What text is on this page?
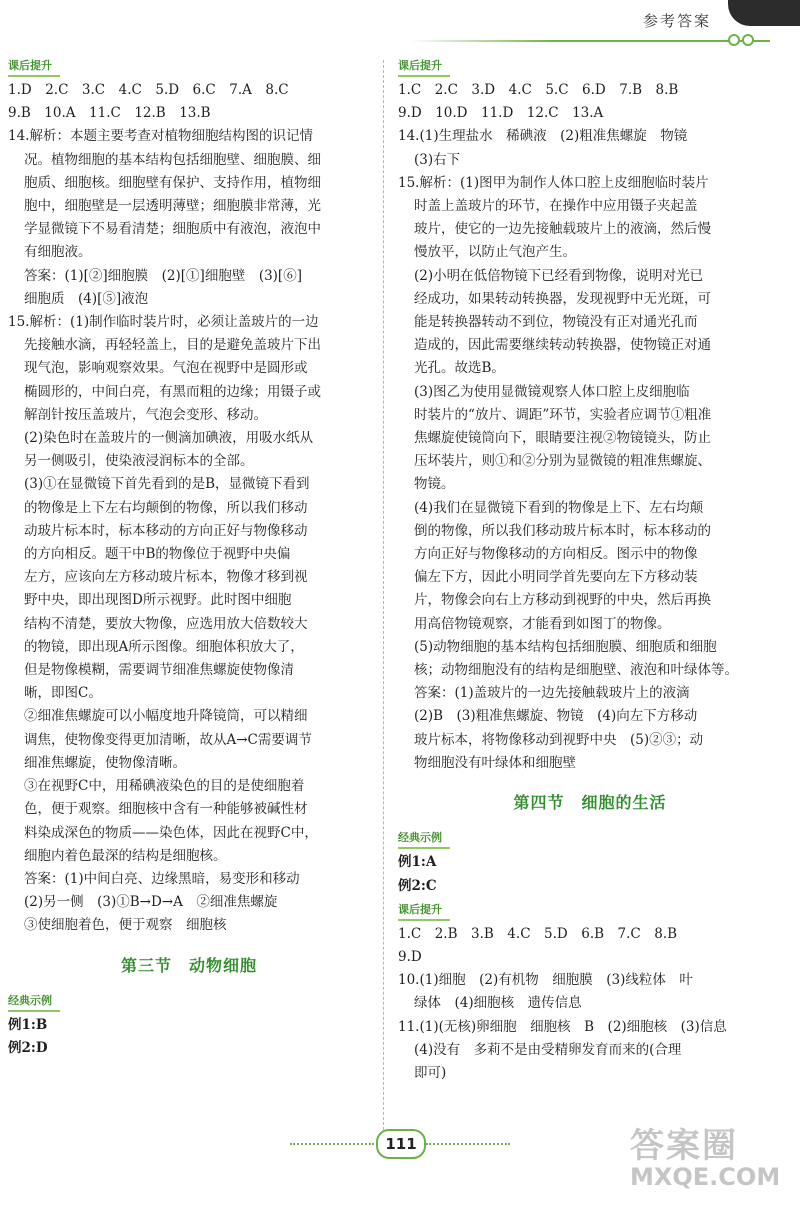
参考答案
课后提升

1.D　2.C　3.C　4.C　5.D　6.C　7.A　8.C

9.B　10.A　11.C　12.B　13.B

14.解析：本题主要考查对植物细胞结构图的识记情

况。植物细胞的基本结构包括细胞壁、细胞膜、细

胞质、细胞核。细胞壁有保护、支持作用，植物细

胞中，细胞壁是一层透明薄壁；细胞膜非常薄，光

学显微镜下不易看清楚；细胞质中有液泡，液泡中

有细胞液。

答案：(1)[②]细胞膜　(2)[①]细胞壁　(3)[⑥]

细胞质　(4)[⑤]液泡

15.解析：(1)制作临时装片时，必须让盖玻片的一边

先接触水滴，再轻轻盖上，目的是避免盖玻片下出

现气泡，影响观察效果。气泡在视野中是圆形或

椭圆形的，中间白亮，有黑而粗的边缘；用镊子或

解剖针按压盖玻片，气泡会变形、移动。

(2)染色时在盖玻片的一侧滴加碘液，用吸水纸从

另一侧吸引，使染液浸润标本的全部。

(3)①在显微镜下首先看到的是B，显微镜下看到

的物像是上下左右均颠倒的物像，所以我们移动

动玻片标本时，标本移动的方向正好与物像移动

的方向相反。题干中B的物像位于视野中央偏

左方，应该向左方移动玻片标本，物像才移到视

野中央，即出现图D所示视野。此时图中细胞

结构不清楚，要放大物像，应选用放大倍数较大

的物镜，即出现A所示图像。细胞体积放大了，

但是物像模糊，需要调节细准焦螺旋使物像清

晰，即图C。

②细准焦螺旋可以小幅度地升降镜筒，可以精细

调焦，使物像变得更加清晰，故从A→C需要调节

细准焦螺旋，使物像清晰。

③在视野C中，用稀碘液染色的目的是使细胞着

色，便于观察。细胞核中含有一种能够被碱性材

料染成深色的物质——染色体，因此在视野C中，

细胞内着色最深的结构是细胞核。

答案：(1)中间白亮、边缘黑暗，易变形和移动

(2)另一侧　(3)①B→D→A　②细准焦螺旋

③使细胞着色，便于观察　细胞核

第三节　动物细胞
经典示例

例1:B

例2:D

课后提升

1.C　2.C　3.D　4.C　5.C　6.D　7.B　8.B

9.D　10.D　11.D　12.C　13.A

14.(1)生理盐水　稀碘液　(2)粗准焦螺旋　物镜

(3)右下

15.解析：(1)图甲为制作人体口腔上皮细胞临时装片

时盖上盖玻片的环节，在操作中应用镊子夹起盖

玻片，使它的一边先接触载玻片上的液滴，然后慢

慢放平，以防止气泡产生。

(2)小明在低倍物镜下已经看到物像，说明对光已

经成功，如果转动转换器，发现视野中无光斑，可

能是转换器转动不到位，物镜没有正对通光孔而

造成的，因此需要继续转动转换器，使物镜正对通

光孔。故选B。

(3)图乙为使用显微镜观察人体口腔上皮细胞临

时装片的“放片、调距”环节，实验者应调节①粗准

焦螺旋使镜筒向下，眼睛要注视②物镜镜头，防止

压坏装片，则①和②分别为显微镜的粗准焦螺旋、

物镜。

(4)我们在显微镜下看到的物像是上下、左右均颠

倒的物像，所以我们移动玻片标本时，标本移动的

方向正好与物像移动的方向相反。图示中的物像

偏左下方，因此小明同学首先要向左下方移动装

片，物像会向右上方移动到视野的中央，然后再换

用高倍物镜观察，才能看到如图丁的物像。

(5)动物细胞的基本结构包括细胞膜、细胞质和细胞

核；动物细胞没有的结构是细胞壁、液泡和叶绿体等。

答案：(1)盖玻片的一边先接触载玻片上的液滴

(2)B　(3)粗准焦螺旋、物镜　(4)向左下方移动

玻片标本，将物像移动到视野中央　(5)②③；动

物细胞没有叶绿体和细胞壁

第四节　细胞的生活
经典示例

例1:A

例2:C

课后提升

1.C　2.B　3.B　4.C　5.D　6.B　7.C　8.B

9.D

10.(1)细胞　(2)有机物　细胞膜　(3)线粒体　叶

绿体　(4)细胞核　遗传信息

11.(1)(无核)卵细胞　细胞核　B　(2)细胞核　(3)信息

(4)没有　多莉不是由受精卵发育而来的(合理

即可)

111	答案圈
MXQE.COM
